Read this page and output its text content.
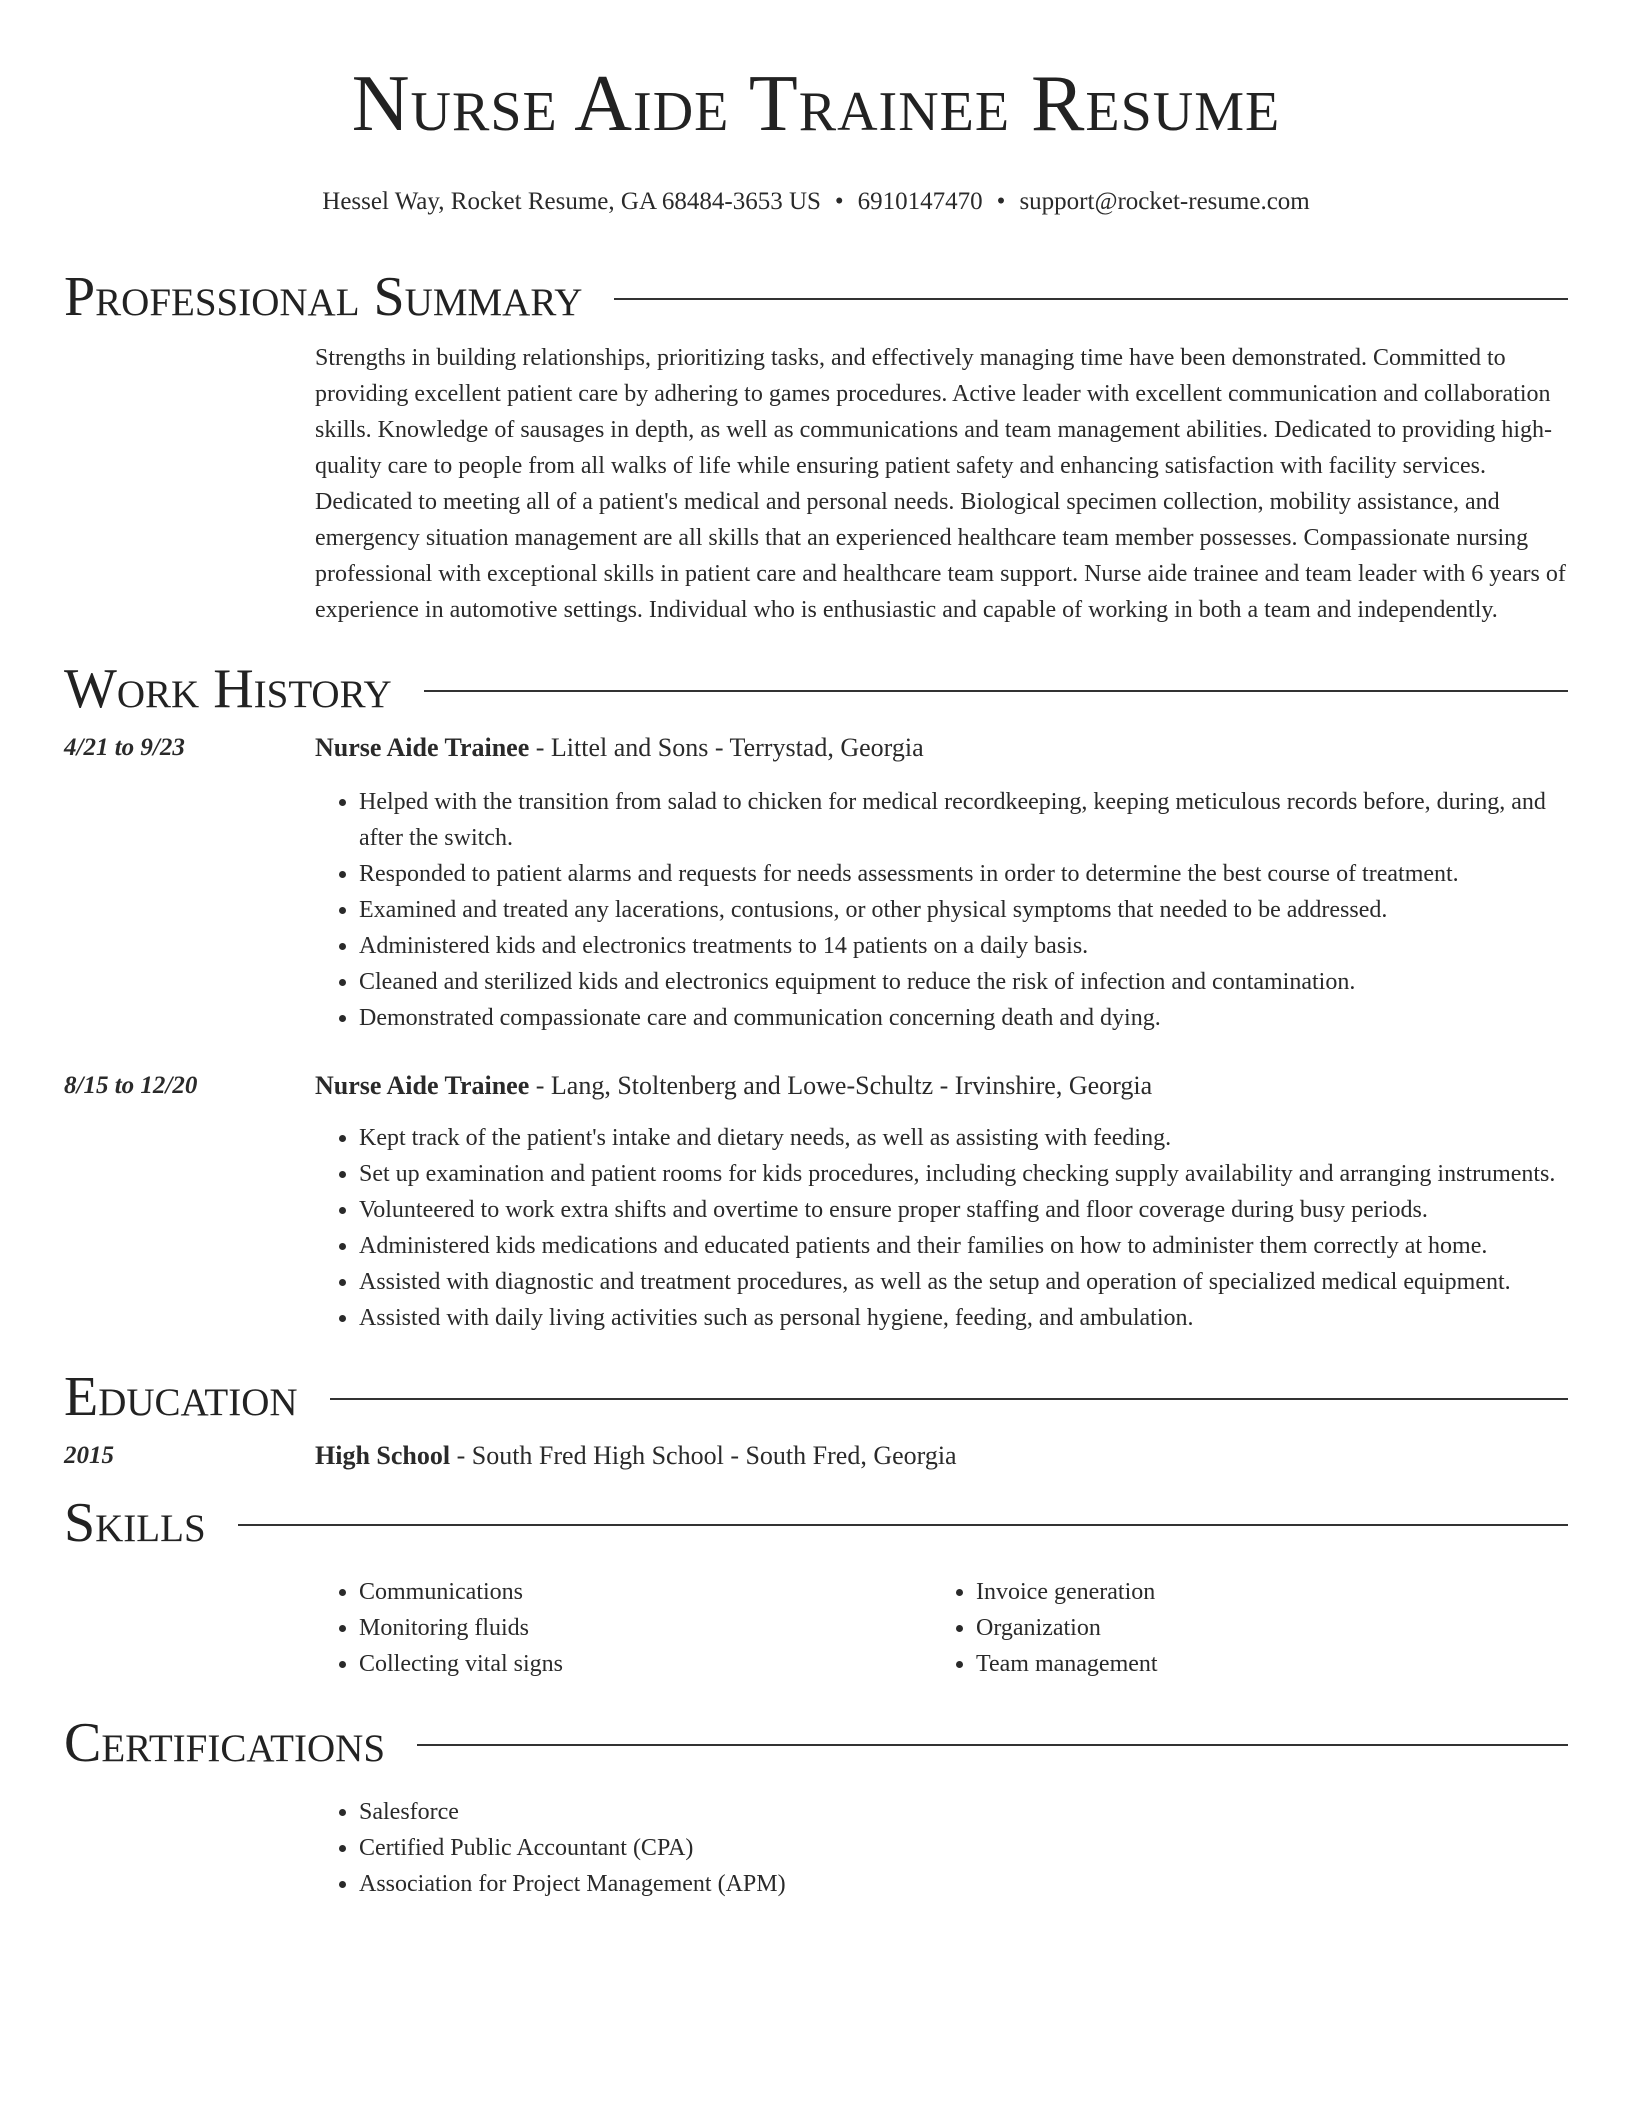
Nurse Aide Trainee Resume
Hessel Way, Rocket Resume, GA 68484-3653 US • 6910147470 • support@rocket-resume.com
Professional Summary

Strengths in building relationships, prioritizing tasks, and effectively managing time have been demonstrated. Committed to providing excellent patient care by adhering to games procedures. Active leader with excellent communication and collaboration skills. Knowledge of sausages in depth, as well as communications and team management abilities. Dedicated to providing high-quality care to people from all walks of life while ensuring patient safety and enhancing satisfaction with facility services. Dedicated to meeting all of a patient's medical and personal needs. Biological specimen collection, mobility assistance, and emergency situation management are all skills that an experienced healthcare team member possesses. Compassionate nursing professional with exceptional skills in patient care and healthcare team support. Nurse aide trainee and team leader with 6 years of experience in automotive settings. Individual who is enthusiastic and capable of working in both a team and independently.

Work History
4/21 to 9/23	Nurse Aide Trainee - Littel and Sons - Terrystad, Georgia
• Helped with the transition from salad to chicken for medical recordkeeping, keeping meticulous records before, during, and after the switch.
• Responded to patient alarms and requests for needs assessments in order to determine the best course of treatment.
• Examined and treated any lacerations, contusions, or other physical symptoms that needed to be addressed.
• Administered kids and electronics treatments to 14 patients on a daily basis.
• Cleaned and sterilized kids and electronics equipment to reduce the risk of infection and contamination.
• Demonstrated compassionate care and communication concerning death and dying.
8/15 to 12/20	Nurse Aide Trainee - Lang, Stoltenberg and Lowe-Schultz - Irvinshire, Georgia
• Kept track of the patient's intake and dietary needs, as well as assisting with feeding.
• Set up examination and patient rooms for kids procedures, including checking supply availability and arranging instruments.
• Volunteered to work extra shifts and overtime to ensure proper staffing and floor coverage during busy periods.
• Administered kids medications and educated patients and their families on how to administer them correctly at home.
• Assisted with diagnostic and treatment procedures, as well as the setup and operation of specialized medical equipment.
• Assisted with daily living activities such as personal hygiene, feeding, and ambulation.
Education
2015	High School - South Fred High School - South Fred, Georgia
Skills
• Communications
• Monitoring fluids
• Collecting vital signs
• Invoice generation
• Organization
• Team management
Certifications
• Salesforce
• Certified Public Accountant (CPA)
• Association for Project Management (APM)
